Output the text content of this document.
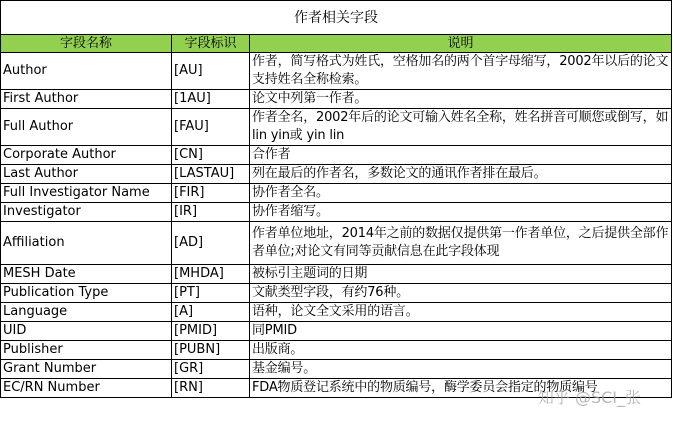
作者相关字段		
字段名称	字段标识	说明
Author	[AU]	作者，简写格式为姓氏，空格加名的两个首字母缩写，2002年以后的论文支持姓名全称检索。
First Author	[1AU]	论文中列第一作者。
Full Author	[FAU]	作者全名，2002年后的论文可输入姓名全称，姓名拼音可顺您或倒写，如 lin yin或 yin lin
Corporate Author	[CN]	合作者
Last Author	[LASTAU]	列在最后的作者名，多数论文的通讯作者排在最后。
Full Investigator Name	[FIR]	协作者全名。
Investigator	[IR]	协作者缩写。
Affiliation	[AD]	作者单位地址，2014年之前的数据仅提供第一作者单位，之后提供全部作者单位;对论文有同等贡献信息在此字段体现
MESH Date	[MHDA]	被标引主题词的日期
Publication Type	[PT]	文献类型字段，有约76种。
Language	[A]	语种，论文全文采用的语言。
UID	[PMID]	同PMID
Publisher	[PUBN]	出版商。
Grant Number	[GR]	基金编号。
EC/RN Number	[RN]	FDA物质登记系统中的物质编号，酶学委员会指定的物质编号
知乎 @SCI_张
